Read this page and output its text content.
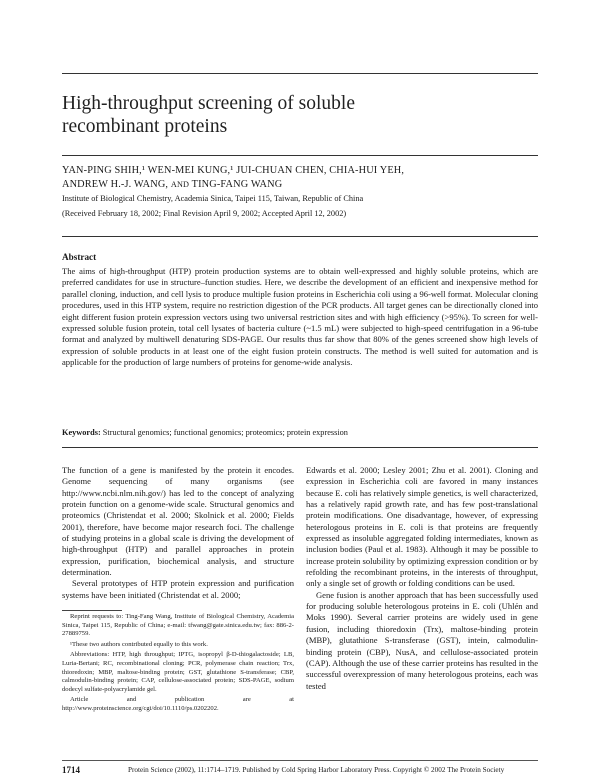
High-throughput screening of soluble
recombinant proteins
YAN-PING SHIH,¹ WEN-MEI KUNG,¹ JUI-CHUAN CHEN, CHIA-HUI YEH,
ANDREW H.-J. WANG, AND TING-FANG WANG
Institute of Biological Chemistry, Academia Sinica, Taipei 115, Taiwan, Republic of China
(Received February 18, 2002; Final Revision April 9, 2002; Accepted April 12, 2002)
Abstract
The aims of high-throughput (HTP) protein production systems are to obtain well-expressed and highly soluble proteins, which are preferred candidates for use in structure–function studies. Here, we describe the development of an efficient and inexpensive method for parallel cloning, induction, and cell lysis to produce multiple fusion proteins in Escherichia coli using a 96-well format. Molecular cloning procedures, used in this HTP system, require no restriction digestion of the PCR products. All target genes can be directionally cloned into eight different fusion protein expression vectors using two universal restriction sites and with high efficiency (>95%). To screen for well-expressed soluble fusion protein, total cell lysates of bacteria culture (~1.5 mL) were subjected to high-speed centrifugation in a 96-tube format and analyzed by multiwell denaturing SDS-PAGE. Our results thus far show that 80% of the genes screened show high levels of expression of soluble products in at least one of the eight fusion protein constructs. The method is well suited for automation and is applicable for the production of large numbers of proteins for genome-wide analysis.
Keywords: Structural genomics; functional genomics; proteomics; protein expression

The function of a gene is manifested by the protein it encodes. Genome sequencing of many organisms (see http://www.ncbi.nlm.nih.gov/) has led to the concept of analyzing protein function on a genome-wide scale. Structural genomics and proteomics (Christendat et al. 2000; Skolnick et al. 2000; Fields 2001), therefore, have become major research foci. The challenge of studying proteins in a global scale is driving the development of high-throughput (HTP) and parallel approaches in protein expression, purification, biochemical analysis, and structure determination.

Several prototypes of HTP protein expression and purification systems have been initiated (Christendat et al. 2000;

Reprint requests to: Ting-Fang Wang, Institute of Biological Chemistry, Academia Sinica, Taipei 115, Republic of China; e-mail: tfwang@gate.sinica.edu.tw; fax: 886-2-27889759.

¹These two authors contributed equally to this work.

Abbreviations: HTP, high throughput; IPTG, isopropyl β-D-thiogalactoside; LB, Luria-Bertani; RC, recombinational cloning; PCR, polymerase chain reaction; Trx, thioredoxin; MBP, maltose-binding protein; GST, glutathione S-transferase; CBP, calmodulin-binding protein; CAP, cellulose-associated protein; SDS-PAGE, sodium dodecyl sulfate-polyacrylamide gel.

Article and publication are at http://www.proteinscience.org/cgi/doi/10.1110/ps.0202202.

Edwards et al. 2000; Lesley 2001; Zhu et al. 2001). Cloning and expression in Escherichia coli are favored in many instances because E. coli has relatively simple genetics, is well characterized, has a relatively rapid growth rate, and has few post-translational protein modifications. One disadvantage, however, of expressing heterologous proteins in E. coli is that proteins are frequently expressed as insoluble aggregated folding intermediates, known as inclusion bodies (Paul et al. 1983). Although it may be possible to increase protein solubility by optimizing expression condition or by refolding the recombinant proteins, in the interests of throughput, only a single set of growth or folding conditions can be used.

Gene fusion is another approach that has been successfully used for producing soluble heterologous proteins in E. coli (Uhlén and Moks 1990). Several carrier proteins are widely used in gene fusion, including thioredoxin (Trx), maltose-binding protein (MBP), glutathione S-transferase (GST), intein, calmodulin-binding protein (CBP), NusA, and cellulose-associated protein (CAP). Although the use of these carrier proteins has resulted in the successful overexpression of many heterologous proteins, each was tested

1714	Protein Science (2002), 11:1714–1719. Published by Cold Spring Harbor Laboratory Press. Copyright © 2002 The Protein Society
